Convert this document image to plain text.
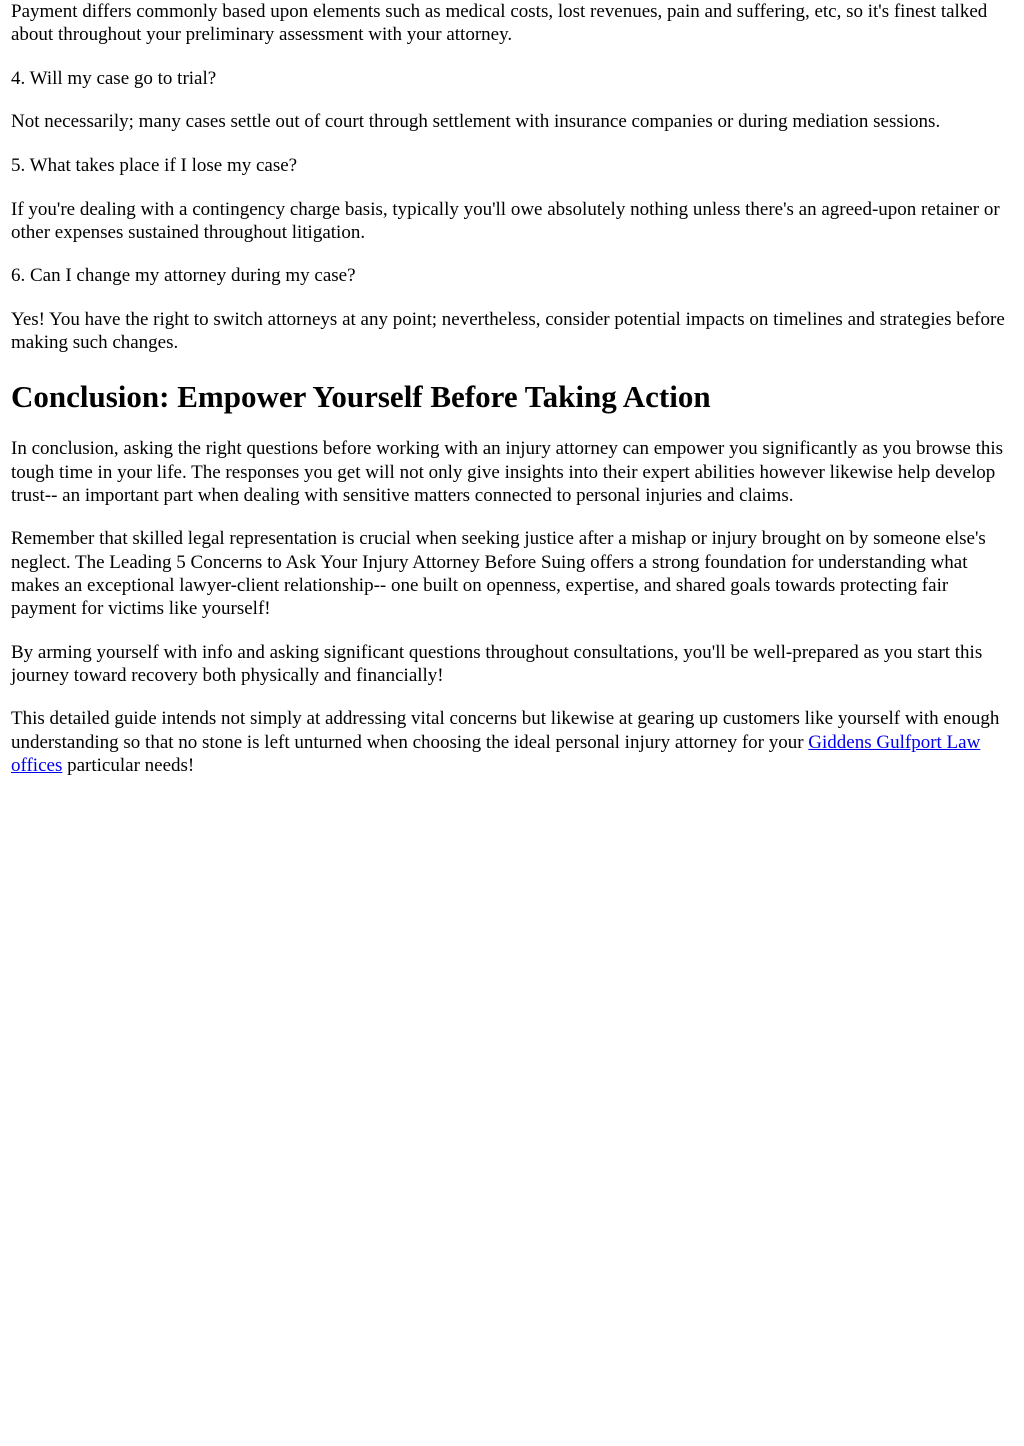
Payment differs commonly based upon elements such as medical costs, lost revenues, pain and suffering, etc, so it's finest talked about throughout your preliminary assessment with your attorney.

4. Will my case go to trial?

Not necessarily; many cases settle out of court through settlement with insurance companies or during mediation sessions.

5. What takes place if I lose my case?

If you're dealing with a contingency charge basis, typically you'll owe absolutely nothing unless there's an agreed-upon retainer or other expenses sustained throughout litigation.

6. Can I change my attorney during my case?

Yes! You have the right to switch attorneys at any point; nevertheless, consider potential impacts on timelines and strategies before making such changes.

Conclusion: Empower Yourself Before Taking Action

In conclusion, asking the right questions before working with an injury attorney can empower you significantly as you browse this tough time in your life. The responses you get will not only give insights into their expert abilities however likewise help develop trust-- an important part when dealing with sensitive matters connected to personal injuries and claims.

Remember that skilled legal representation is crucial when seeking justice after a mishap or injury brought on by someone else's neglect. The Leading 5 Concerns to Ask Your Injury Attorney Before Suing offers a strong foundation for understanding what makes an exceptional lawyer-client relationship-- one built on openness, expertise, and shared goals towards protecting fair payment for victims like yourself!

By arming yourself with info and asking significant questions throughout consultations, you'll be well-prepared as you start this journey toward recovery both physically and financially!

This detailed guide intends not simply at addressing vital concerns but likewise at gearing up customers like yourself with enough understanding so that no stone is left unturned when choosing the ideal personal injury attorney for your Giddens Gulfport Law offices particular needs!
